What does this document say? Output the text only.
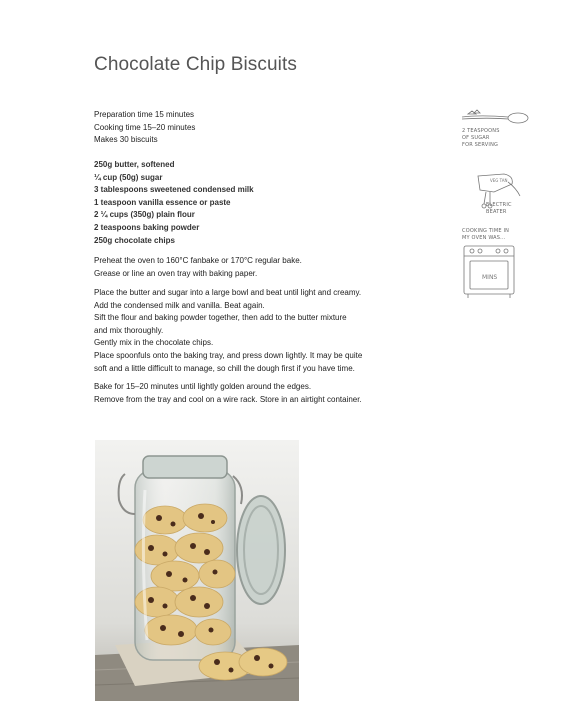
Chocolate Chip Biscuits
Preparation time 15 minutes
Cooking time 15–20 minutes
Makes 30 biscuits
250g butter, softened
¼ cup (50g) sugar
3 tablespoons sweetened condensed milk
1 teaspoon vanilla essence or paste
2 ¼ cups (350g) plain flour
2 teaspoons baking powder
250g chocolate chips
Preheat the oven to 160°C fanbake or 170°C regular bake.
Grease or line an oven tray with baking paper.
Place the butter and sugar into a large bowl and beat until light and creamy.
Add the condensed milk and vanilla. Beat again.
Sift the flour and baking powder together, then add to the butter mixture
and mix thoroughly.
Gently mix in the chocolate chips.
Place spoonfuls onto the baking tray, and press down lightly. It may be quite
soft and a little difficult to manage, so chill the dough first if you have time.
Bake for 15–20 minutes until lightly golden around the edges.
Remove from the tray and cool on a wire rack. Store in an airtight container.
2 TEASPOONS
OF SUGAR
FOR SERVING
VEG TAN
ELECTRIC
BEATER
COOKING TIME IN
MY OVEN WAS...
MINS
